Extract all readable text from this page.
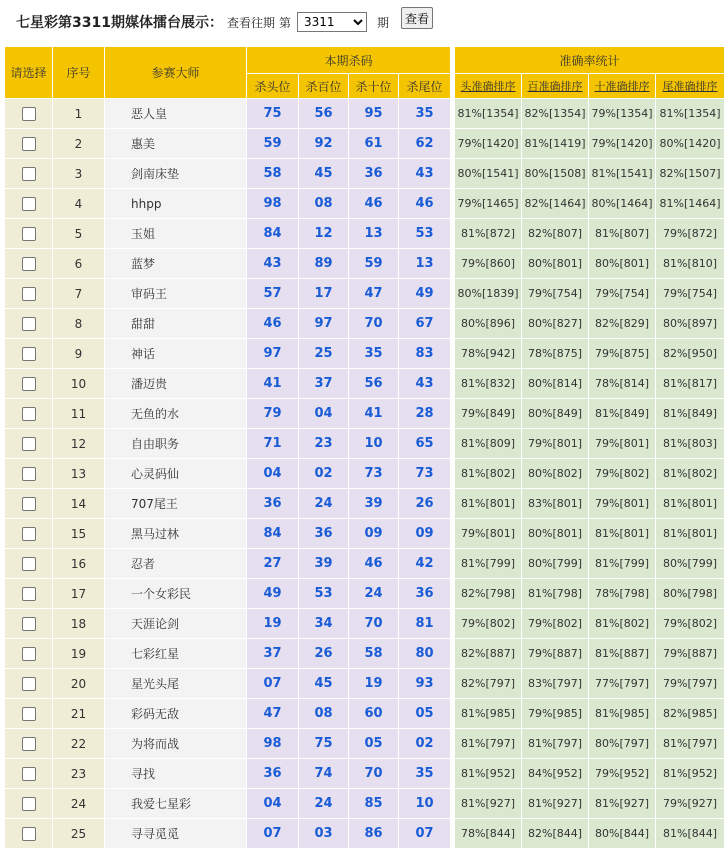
七星彩第3311期媒体擂台展示： 查看往期 第
3311	期	查看
请选择	序号	参赛大师	本期杀码					准确率统计			
			杀头位	杀百位	杀十位	杀尾位		头准确排序	百准确排序	十准确排序	尾准确排序
	1	恶人皇	75	56	95	35		81%[1354]	82%[1354]	79%[1354]	81%[1354]
	2	惠美	59	92	61	62		79%[1420]	81%[1419]	79%[1420]	80%[1420]
	3	剑南床垫	58	45	36	43		80%[1541]	80%[1508]	81%[1541]	82%[1507]
	4	hhpp	98	08	46	46		79%[1465]	82%[1464]	80%[1464]	81%[1464]
	5	玉姐	84	12	13	53		81%[872]	82%[807]	81%[807]	79%[872]
	6	蓝梦	43	89	59	13		79%[860]	80%[801]	80%[801]	81%[810]
	7	审码王	57	17	47	49		80%[1839]	79%[754]	79%[754]	79%[754]
	8	甜甜	46	97	70	67		80%[896]	80%[827]	82%[829]	80%[897]
	9	神话	97	25	35	83		78%[942]	78%[875]	79%[875]	82%[950]
	10	潘迈贵	41	37	56	43		81%[832]	80%[814]	78%[814]	81%[817]
	11	无鱼的水	79	04	41	28		79%[849]	80%[849]	81%[849]	81%[849]
	12	自由职务	71	23	10	65		81%[809]	79%[801]	79%[801]	81%[803]
	13	心灵码仙	04	02	73	73		81%[802]	80%[802]	79%[802]	81%[802]
	14	707尾王	36	24	39	26		81%[801]	83%[801]	79%[801]	81%[801]
	15	黑马过林	84	36	09	09		79%[801]	80%[801]	81%[801]	81%[801]
	16	忍者	27	39	46	42		81%[799]	80%[799]	81%[799]	80%[799]
	17	一个女彩民	49	53	24	36		82%[798]	81%[798]	78%[798]	80%[798]
	18	天涯论剑	19	34	70	81		79%[802]	79%[802]	81%[802]	79%[802]
	19	七彩红星	37	26	58	80		82%[887]	79%[887]	81%[887]	79%[887]
	20	星光头尾	07	45	19	93		82%[797]	83%[797]	77%[797]	79%[797]
	21	彩码无敌	47	08	60	05		81%[985]	79%[985]	81%[985]	82%[985]
	22	为将而战	98	75	05	02		81%[797]	81%[797]	80%[797]	81%[797]
	23	寻找	36	74	70	35		81%[952]	84%[952]	79%[952]	81%[952]
	24	我爱七星彩	04	24	85	10		81%[927]	81%[927]	81%[927]	79%[927]
	25	寻寻觅觅	07	03	86	07		78%[844]	82%[844]	80%[844]	81%[844]
